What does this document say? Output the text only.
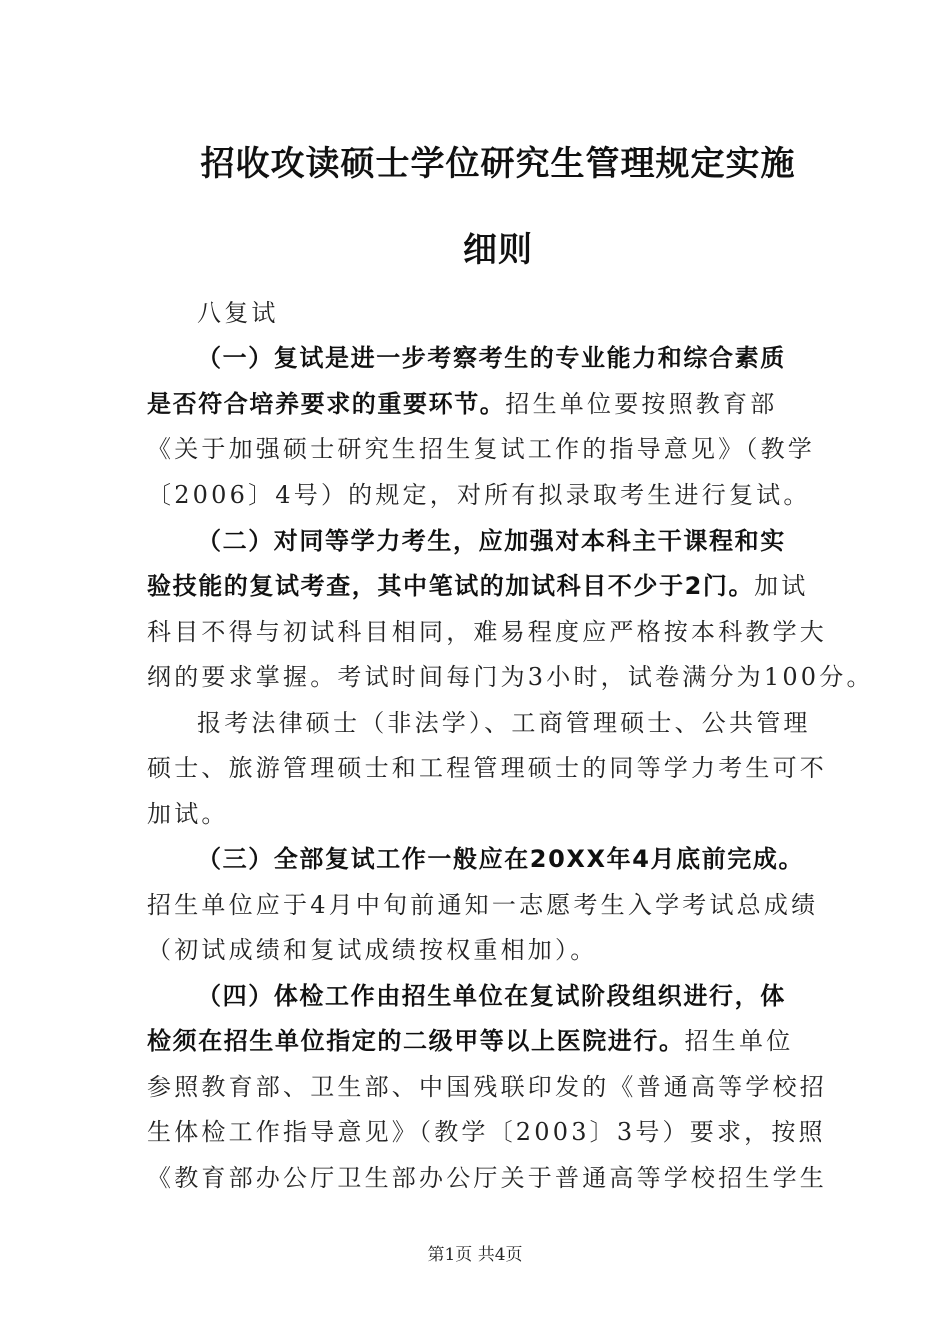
招收攻读硕士学位研究生管理规定实施
细则
八复试
（一）复试是进一步考察考生的专业能力和综合素质
是否符合培养要求的重要环节。招生单位要按照教育部
《关于加强硕士研究生招生复试工作的指导意见》（教学
〔2006〕4号）的规定，对所有拟录取考生进行复试。
（二）对同等学力考生，应加强对本科主干课程和实
验技能的复试考查，其中笔试的加试科目不少于2门。加试
科目不得与初试科目相同，难易程度应严格按本科教学大
纲的要求掌握。考试时间每门为3小时，试卷满分为100分。
报考法律硕士（非法学）、工商管理硕士、公共管理
硕士、旅游管理硕士和工程管理硕士的同等学力考生可不
加试。
（三）全部复试工作一般应在20XX年4月底前完成。
招生单位应于4月中旬前通知一志愿考生入学考试总成绩
（初试成绩和复试成绩按权重相加）。
（四）体检工作由招生单位在复试阶段组织进行，体
检须在招生单位指定的二级甲等以上医院进行。招生单位
参照教育部、卫生部、中国残联印发的《普通高等学校招
生体检工作指导意见》（教学〔2003〕3号）要求，按照
《教育部办公厅卫生部办公厅关于普通高等学校招生学生
第1页 共4页
